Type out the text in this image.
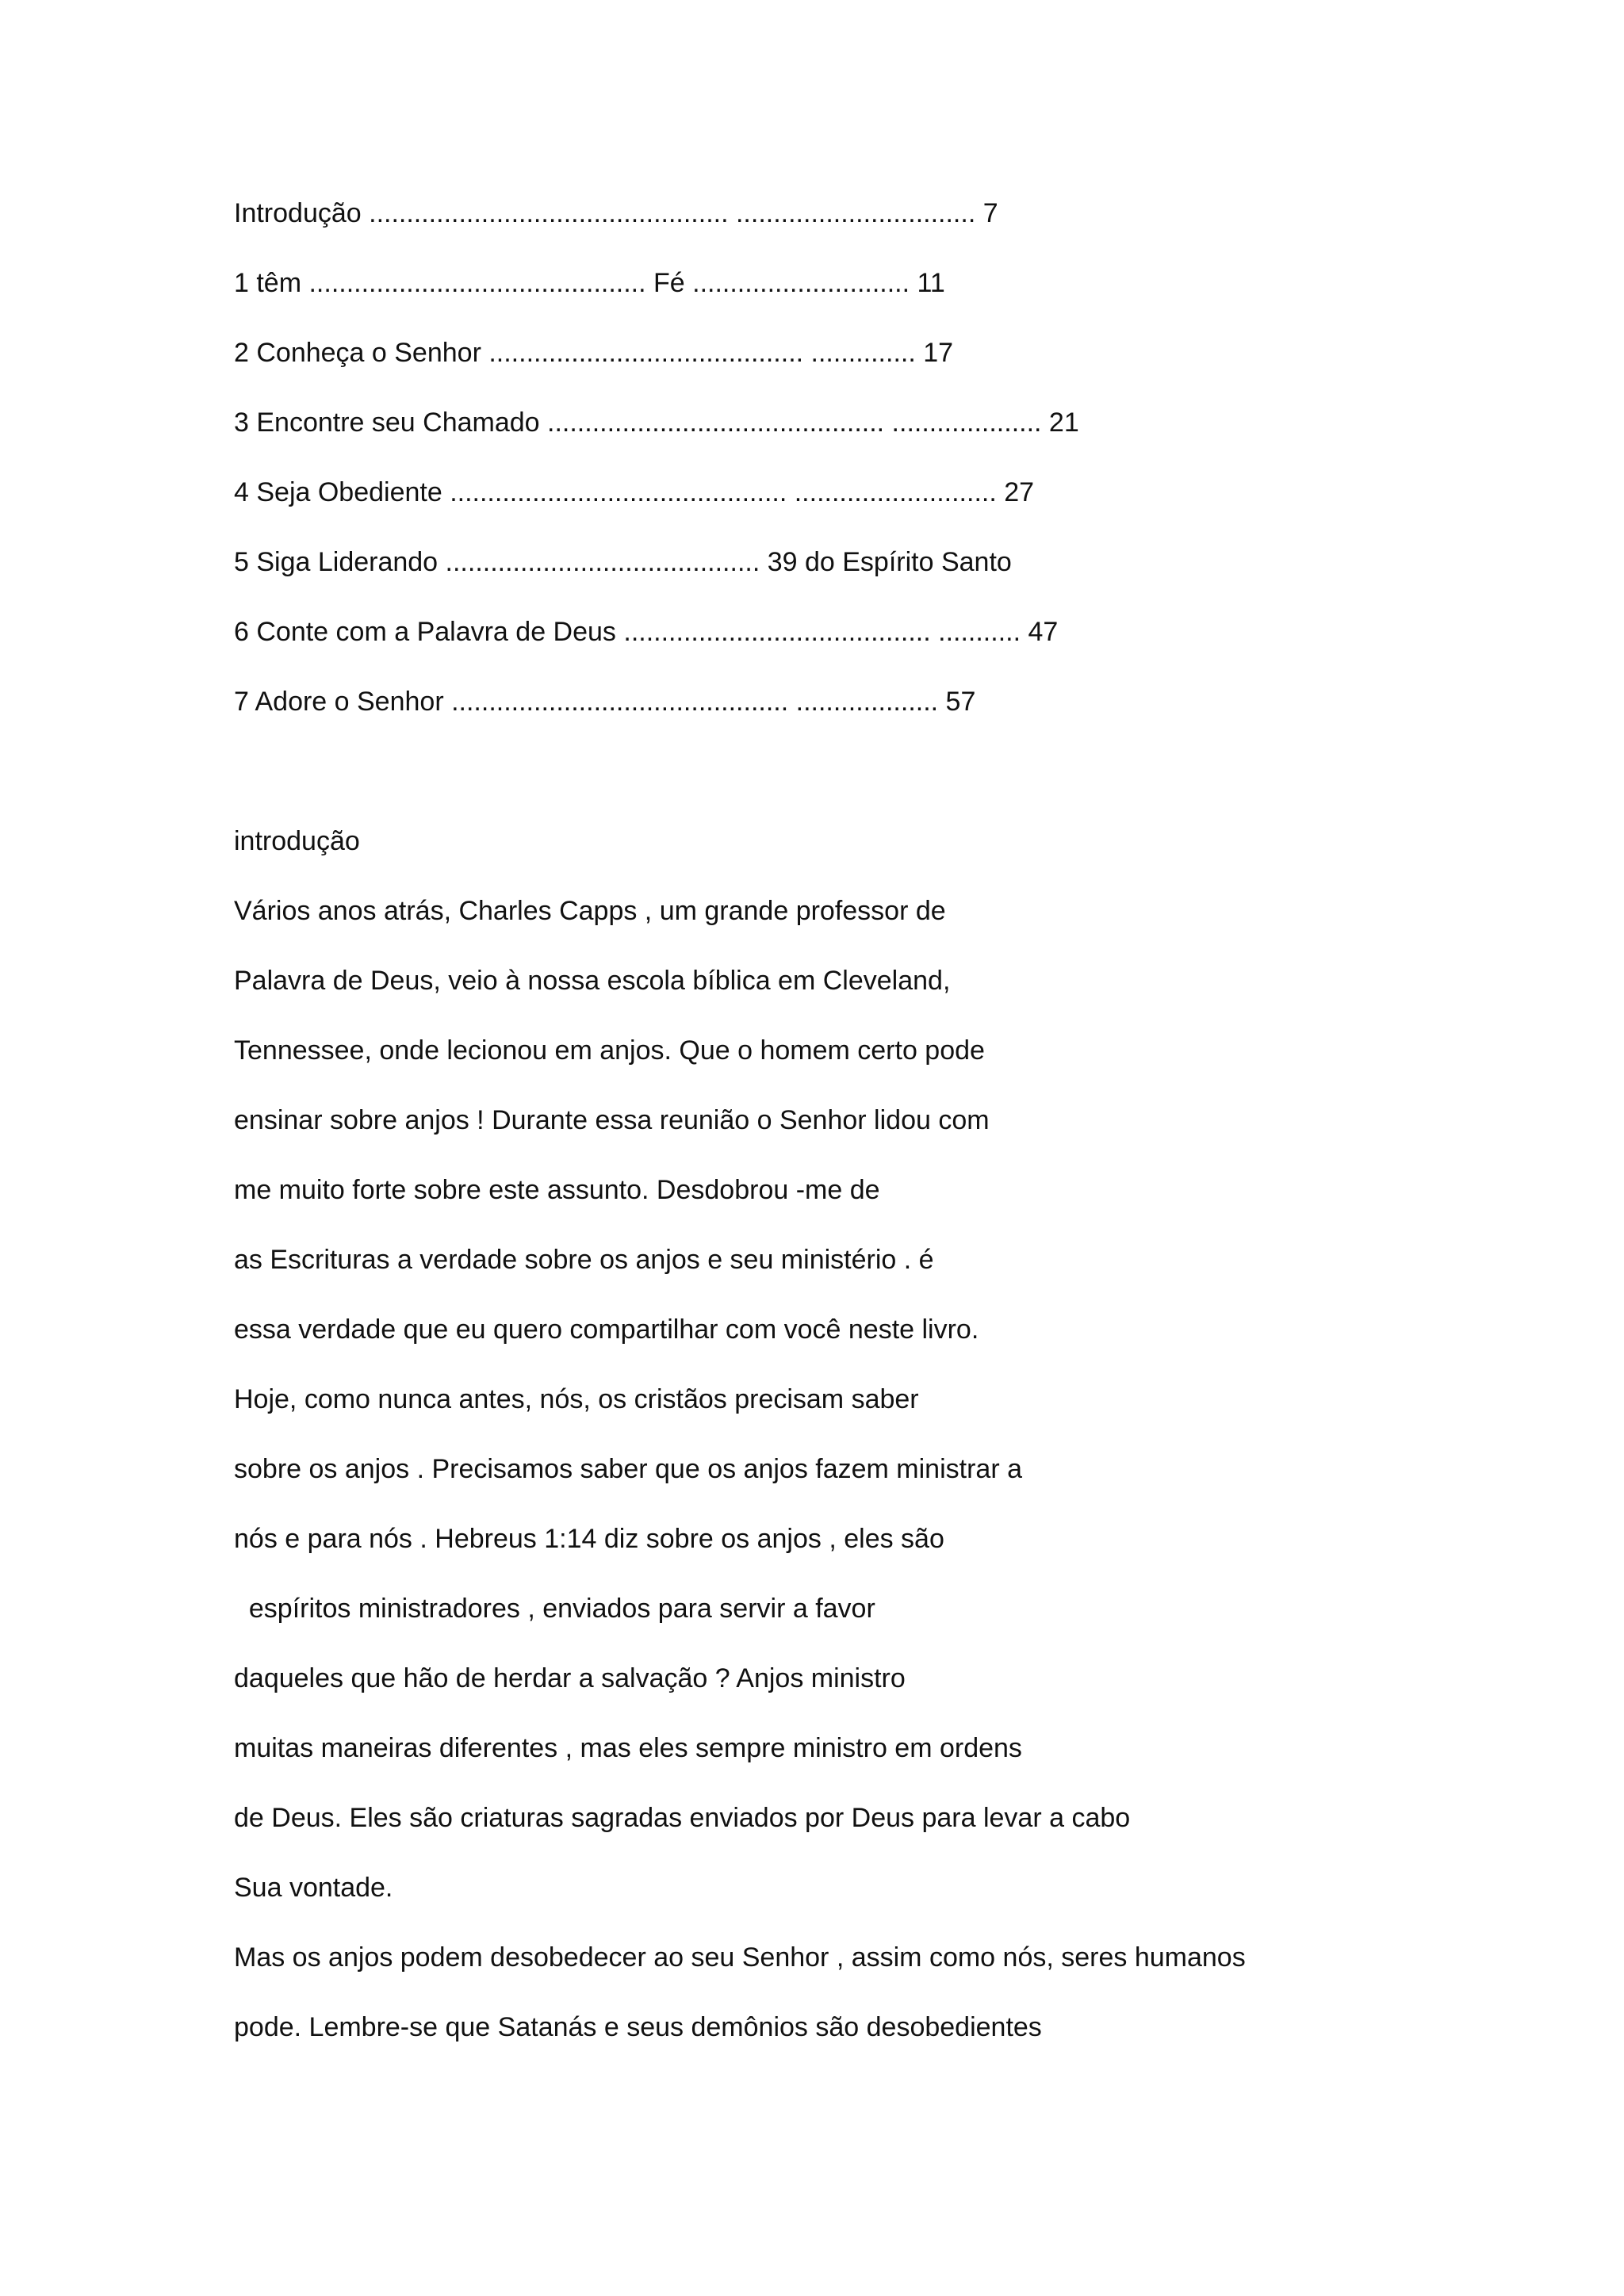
Introdução ................................................ ................................ 7
1 têm ............................................. Fé ............................. 11
2 Conheça o Senhor .......................................... .............. 17
3 Encontre seu Chamado ............................................. .................... 21
4 Seja Obediente ............................................. ........................... 27
5 Siga Liderando .......................................... 39 do Espírito Santo
6 Conte com a Palavra de Deus ......................................... ........... 47
7 Adore o Senhor ............................................. ................... 57
introdução
Vários anos atrás, Charles Capps , um grande professor de
Palavra de Deus, veio à nossa escola bíblica em Cleveland,
Tennessee, onde lecionou em anjos. Que o homem certo pode
ensinar sobre anjos ! Durante essa reunião o Senhor lidou com
me muito forte sobre este assunto. Desdobrou -me de
as Escrituras a verdade sobre os anjos e seu ministério . é
essa verdade que eu quero compartilhar com você neste livro.
Hoje, como nunca antes, nós, os cristãos precisam saber
sobre os anjos . Precisamos saber que os anjos fazem ministrar a
nós e para nós . Hebreus 1:14 diz sobre os anjos , eles são
espíritos ministradores , enviados para servir a favor
daqueles que hão de herdar a salvação ? Anjos ministro
muitas maneiras diferentes , mas eles sempre ministro em ordens
de Deus. Eles são criaturas sagradas enviados por Deus para levar a cabo
Sua vontade.
Mas os anjos podem desobedecer ao seu Senhor , assim como nós, seres humanos
pode. Lembre-se que Satanás e seus demônios são desobedientes
